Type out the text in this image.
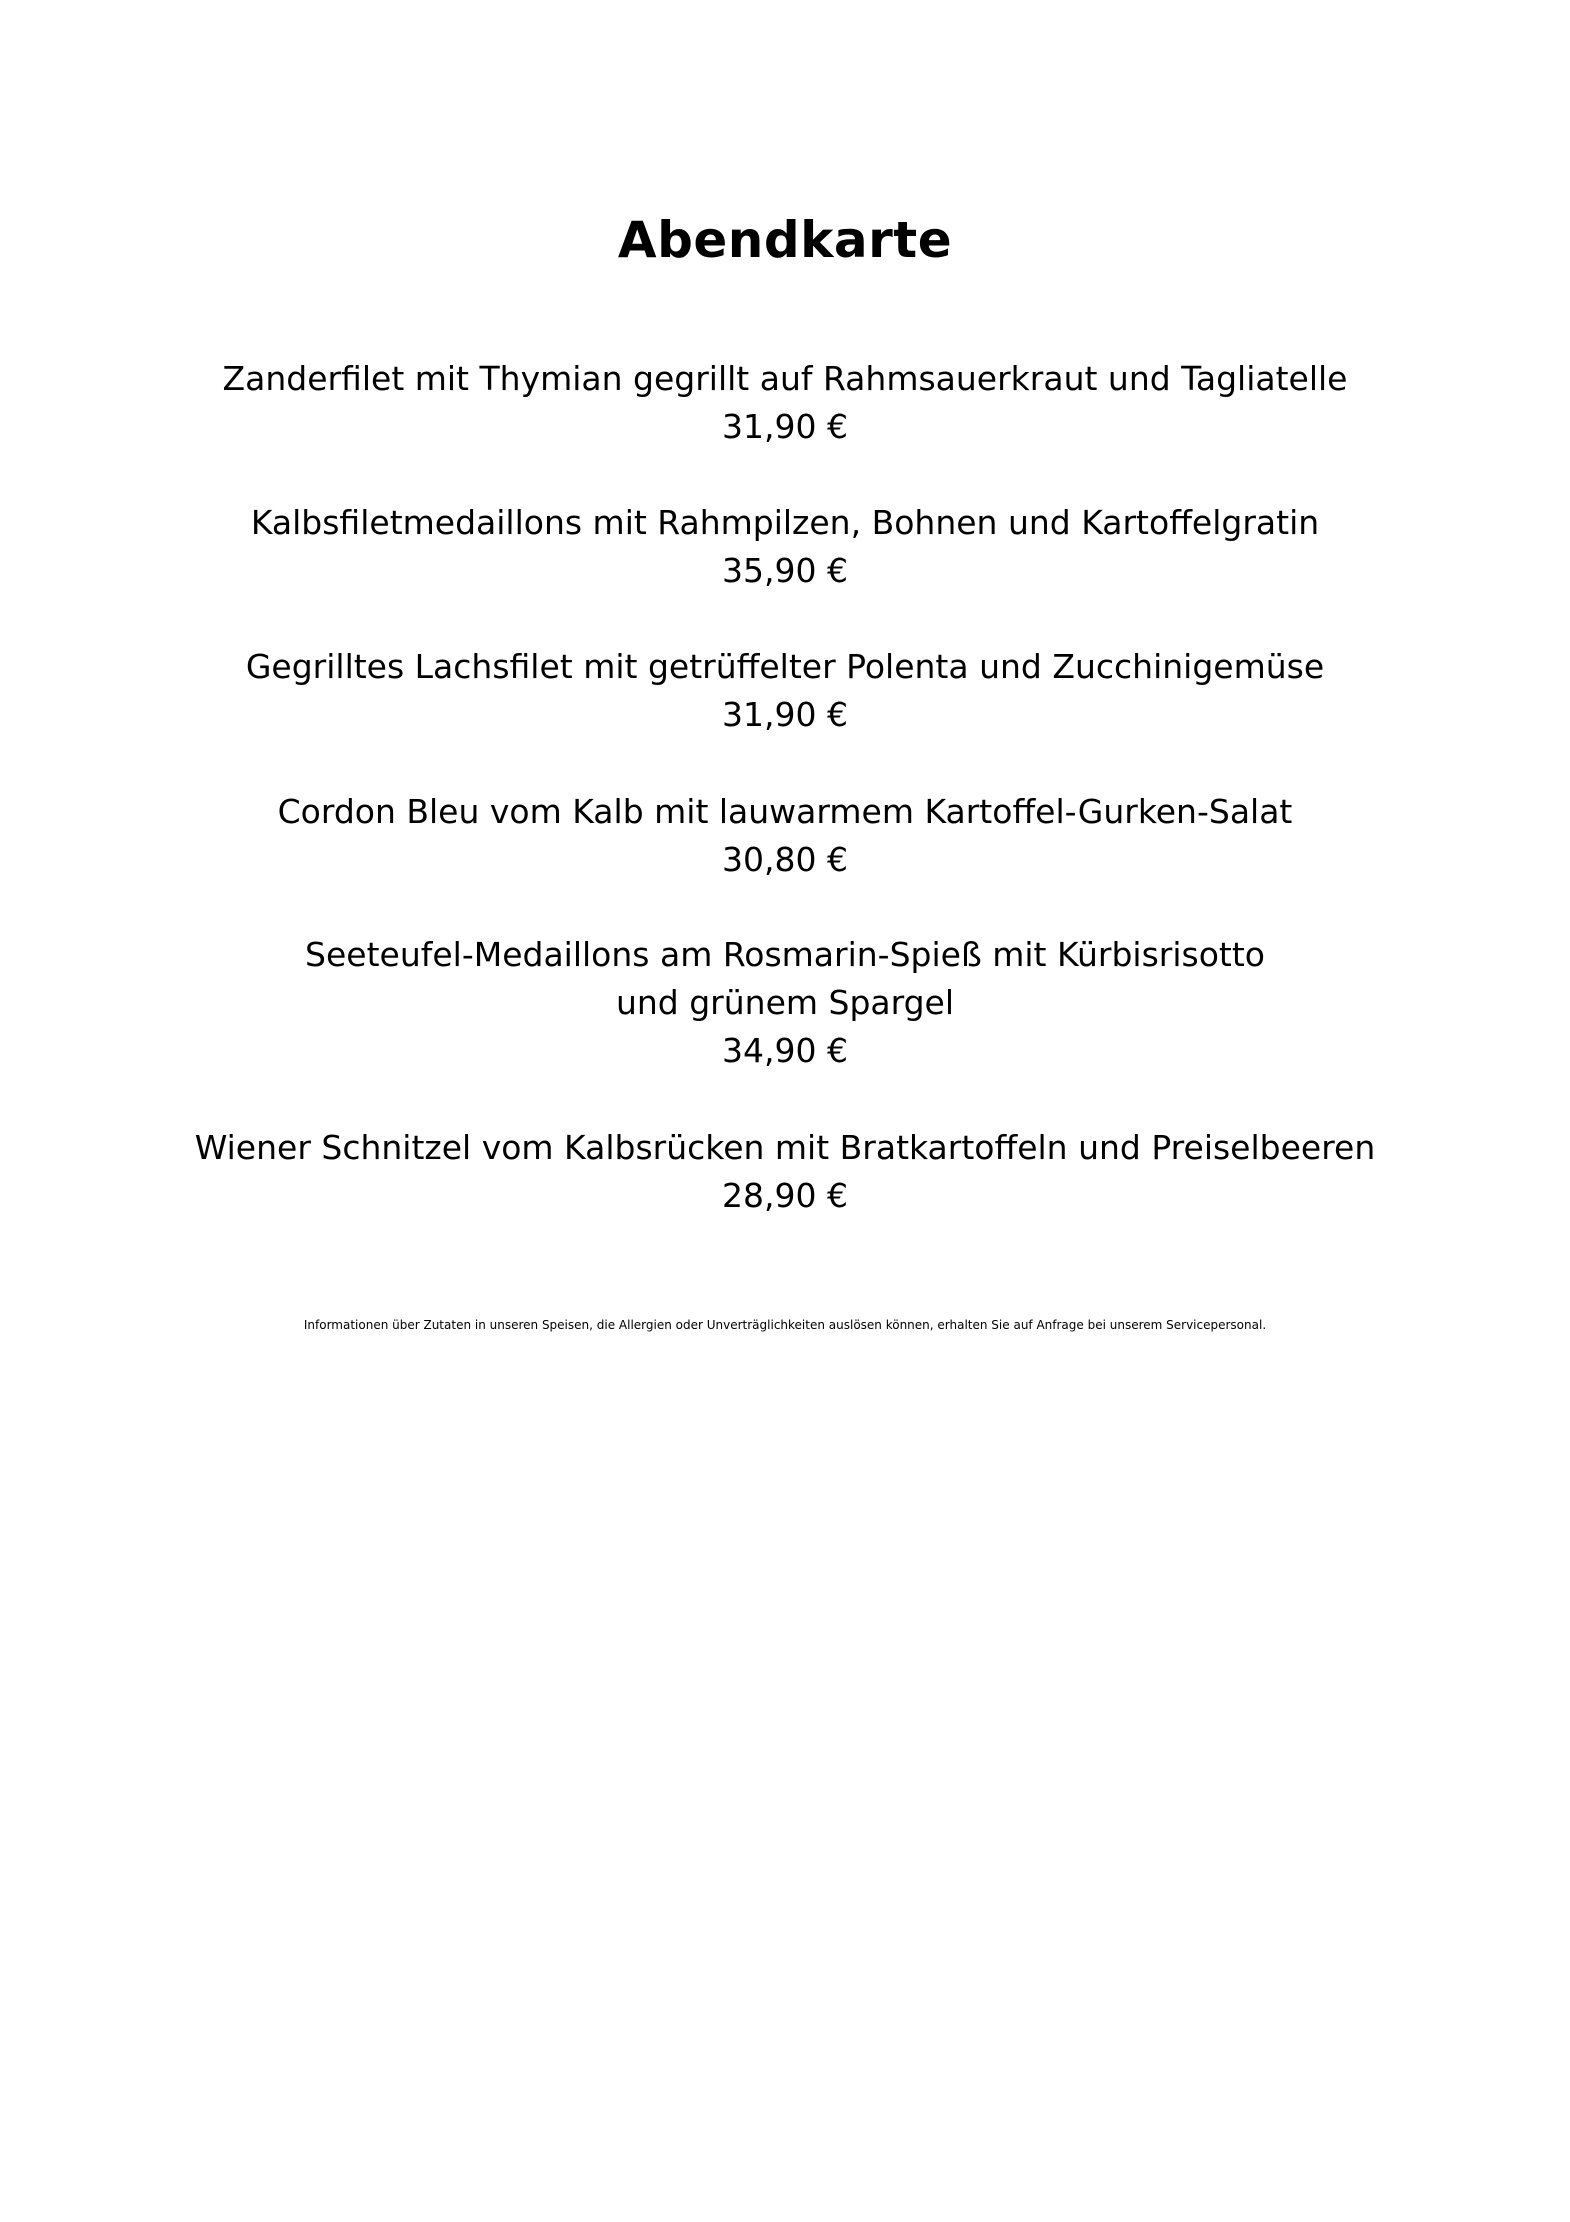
Abendkarte
Zanderfilet mit Thymian gegrillt auf Rahmsauerkraut und Tagliatelle
31,90 €
Kalbsfiletmedaillons mit Rahmpilzen, Bohnen und Kartoffelgratin
35,90 €
Gegrilltes Lachsfilet mit getrüffelter Polenta und Zucchinigemüse
31,90 €
Cordon Bleu vom Kalb mit lauwarmem Kartoffel-Gurken-Salat
30,80 €
Seeteufel-Medaillons am Rosmarin-Spieß mit Kürbisrisotto
und grünem Spargel
34,90 €
Wiener Schnitzel vom Kalbsrücken mit Bratkartoffeln und Preiselbeeren
28,90 €
Informationen über Zutaten in unseren Speisen, die Allergien oder Unverträglichkeiten auslösen können, erhalten Sie auf Anfrage bei unserem Servicepersonal.
